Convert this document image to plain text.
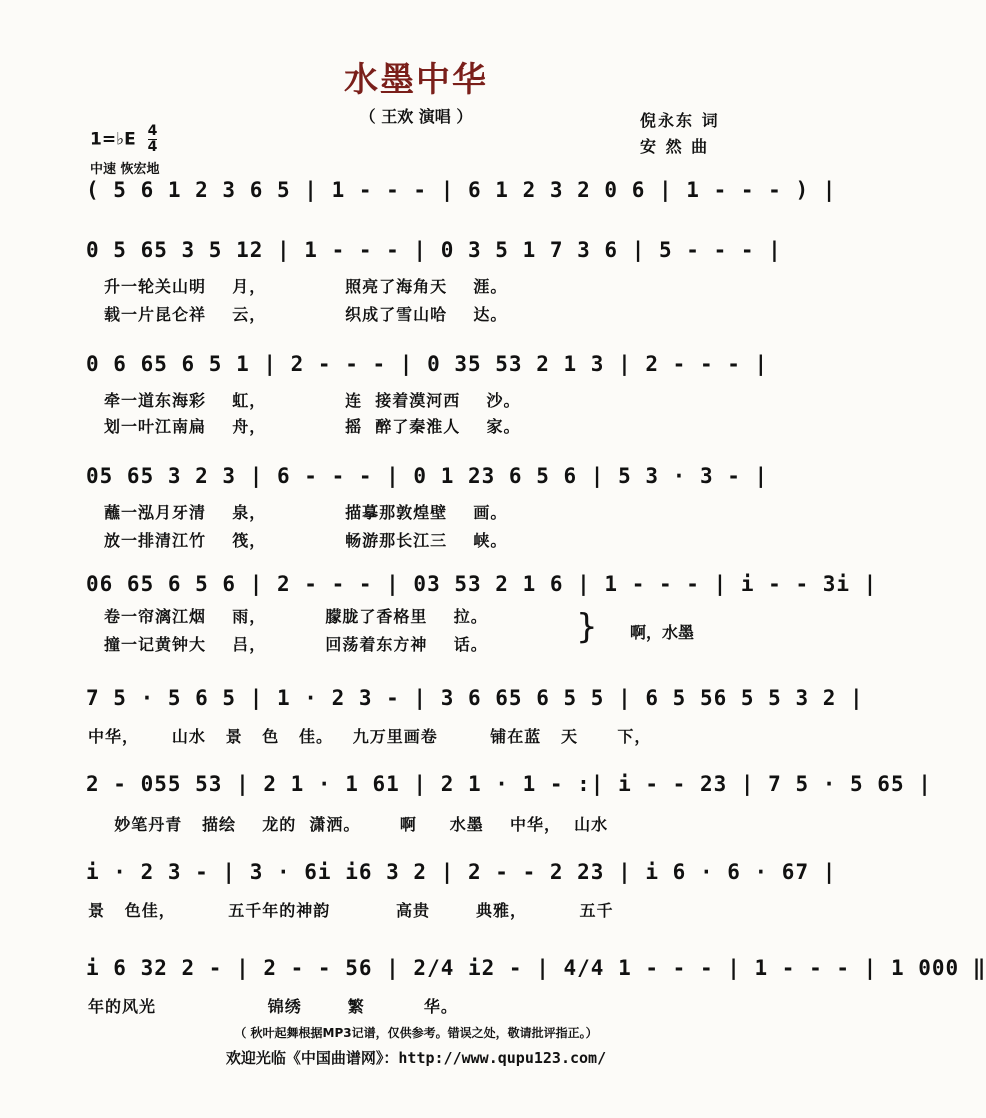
水墨中华
（ 王欢 演唱 ）	倪永东 词
安 然 曲
1=♭E $\frac{4}{4}$
中速 恢宏地
( 5 6 1 2 3 6 5 | 1 - - - | 6 1 2 3 2 0 6 | 1 - - - ) |
0 5 65 3 5 12 | 1 - - - | 0 3 5 1 7 3 6 | 5 - - - |
升一轮关山明    月，            照亮了海角天    涯。
载一片昆仑祥    云，            织成了雪山哈    达。
0 6 65 6 5 1 | 2 - - - | 0 35 53 2 1 3 | 2 - - - |
牵一道东海彩    虹，            连  接着漠河西    沙。
划一叶江南扁    舟，            摇  醉了秦淮人    家。
05 65 3 2 3 | 6 - - - | 0 1 23 6 5 6 | 5 3 · 3 - |
蘸一泓月牙清    泉，            描摹那敦煌壁    画。
放一排清江竹    筏，            畅游那长江三    峡。
06 65 6 5 6 | 2 - - - | 03 53 2 1 6 | 1 - - - | i - - 3i |
卷一帘漓江烟    雨，         朦胧了香格里    拉。
撞一记黄钟大    吕，         回荡着东方神    话。	} 啊，水墨
7 5 · 5 6 5 | 1 · 2 3 - | 3 6 65 6 5 5 | 6 5 56 5 5 3 2 |
中华，     山水   景   色   佳。   九万里画卷        铺在蓝   天      下，
2 - 055 53 | 2 1 · 1 61 | 2 1 · 1 - :| i - - 23 | 7 5 · 5 65 |
妙笔丹青   描绘    龙的  潇洒。      啊     水墨    中华，  山水
i · 2 3 - | 3 · 6i i6 3 2 | 2 - - 2 23 | i 6 · 6 · 67 |
景   色佳，        五千年的神韵          高贵       典雅，        五千
i 6 32 2 - | 2 - - 56 | 2/4 i2 - | 4/4 1 - - - | 1 - - - | 1 000 ‖
年的风光                 锦绣       繁         华。
（ 秋叶起舞根据MP3记谱，仅供参考。错误之处，敬请批评指正。）
欢迎光临《中国曲谱网》：http://www.qupu123.com/
